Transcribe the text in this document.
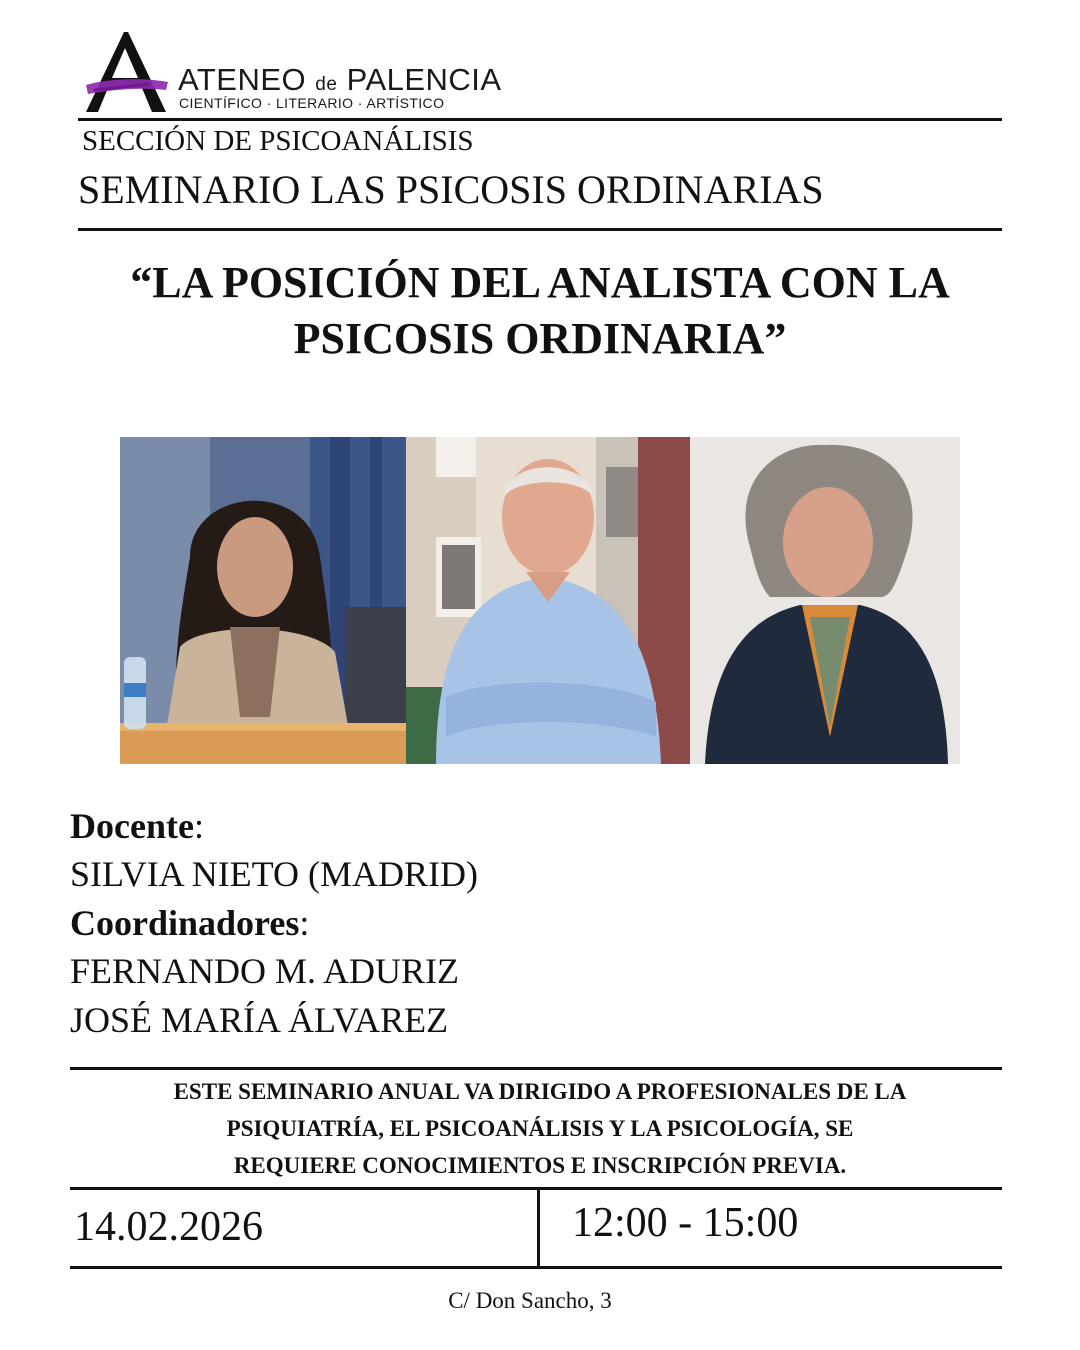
ATENEO de PALENCIA
CIENTÍFICO · LITERARIO · ARTÍSTICO
SECCIÓN DE PSICOANÁLISIS
SEMINARIO LAS PSICOSIS ORDINARIAS
“LA POSICIÓN DEL ANALISTA CON LA
PSICOSIS ORDINARIA”
Docente:
SILVIA NIETO (MADRID)
Coordinadores:
FERNANDO M. ADURIZ
JOSÉ MARÍA ÁLVAREZ
ESTE SEMINARIO ANUAL VA DIRIGIDO A PROFESIONALES DE LA
PSIQUIATRÍA, EL PSICOANÁLISIS Y LA PSICOLOGÍA, SE
REQUIERE CONOCIMIENTOS E INSCRIPCIÓN PREVIA.
14.02.2026	12:00 - 15:00
C/ Don Sancho, 3
